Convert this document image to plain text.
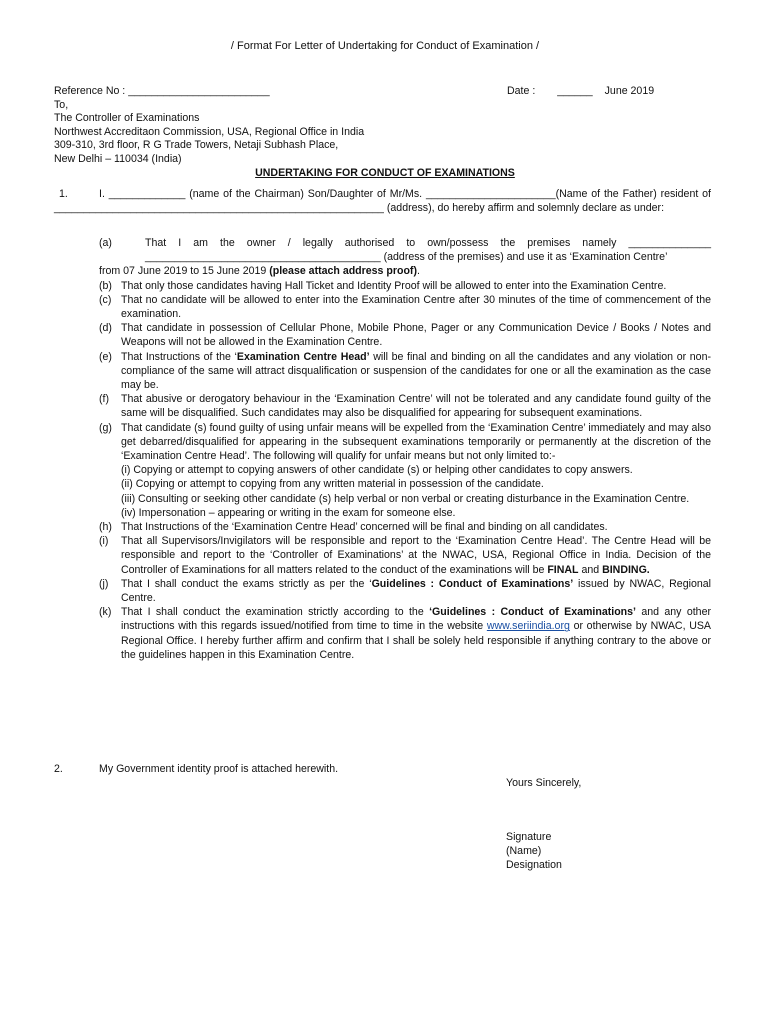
/ Format For Letter of Undertaking for Conduct of Examination /
Reference No : ________________________
To,
The Controller of Examinations
Northwest Accreditaon Commission, USA, Regional Office in India
309-310, 3rd floor, R G Trade Towers, Netaji Subhash Place,
New Delhi – 110034 (India)
Date : ______ June 2019
UNDERTAKING FOR CONDUCT OF EXAMINATIONS
1.	I. _____________ (name of the Chairman) Son/Daughter of Mr/Ms. ______________________(Name of the Father) resident of ________________________________________________________ (address), do hereby affirm and solemnly declare as under:
(a)	That I am the owner / legally authorised to own/possess the premises namely ______________ ________________________________________ (address of the premises) and use it as ‘Examination Centre’
from 07 June 2019 to 15 June 2019 (please attach address proof).
(b) That only those candidates having Hall Ticket and Identity Proof will be allowed to enter into the Examination Centre.
(c) That no candidate will be allowed to enter into the Examination Centre after 30 minutes of the time of commencement of the examination.
(d) That candidate in possession of Cellular Phone, Mobile Phone, Pager or any Communication Device / Books / Notes and Weapons will not be allowed in the Examination Centre.
(e) That Instructions of the ‘Examination Centre Head’ will be final and binding on all the candidates and any violation or non-compliance of the same will attract disqualification or suspension of the candidates for one or all the examination as the case may be.
(f)	That abusive or derogatory behaviour in the ‘Examination Centre’ will not be tolerated and any candidate found guilty of the same will be disqualified. Such candidates may also be disqualified for appearing for subsequent examinations.
(g) That candidate (s) found guilty of using unfair means will be expelled from the ‘Examination Centre’ immediately and may also get debarred/disqualified for appearing in the subsequent examinations temporarily or permanently at the discretion of the ‘Examination Centre Head’. The following will qualify for unfair means but not only limited to:-
(i) Copying or attempt to copying answers of other candidate (s) or helping other candidates to copy answers.
(ii) Copying or attempt to copying from any written material in possession of the candidate.
(iii) Consulting or seeking other candidate (s) help verbal or non verbal or creating disturbance in the Examination Centre.
(iv) Impersonation – appearing or writing in the exam for someone else.
(h) That Instructions of the ‘Examination Centre Head’ concerned will be final and binding on all candidates.
(i)	That all Supervisors/Invigilators will be responsible and report to the ‘Examination Centre Head’. The Centre Head will be responsible and report to the ‘Controller of Examinations’ at the NWAC, USA, Regional Office in India. Decision of the Controller of Examinations for all matters related to the conduct of the examinations will be FINAL and BINDING.
(j)	That I shall conduct the exams strictly as per the ‘Guidelines : Conduct of Examinations’ issued by NWAC, Regional Centre.
(k) That I shall conduct the examination strictly according to the ‘Guidelines : Conduct of Examinations’ and any other instructions with this regards issued/notified from time to time in the website www.seriindia.org or otherwise by NWAC, USA Regional Office. I hereby further affirm and confirm that I shall be solely held responsible if anything contrary to the above or the guidelines happen in this Examination Centre.
2.	My Government identity proof is attached herewith.
Yours Sincerely,
Signature
(Name)
Designation
